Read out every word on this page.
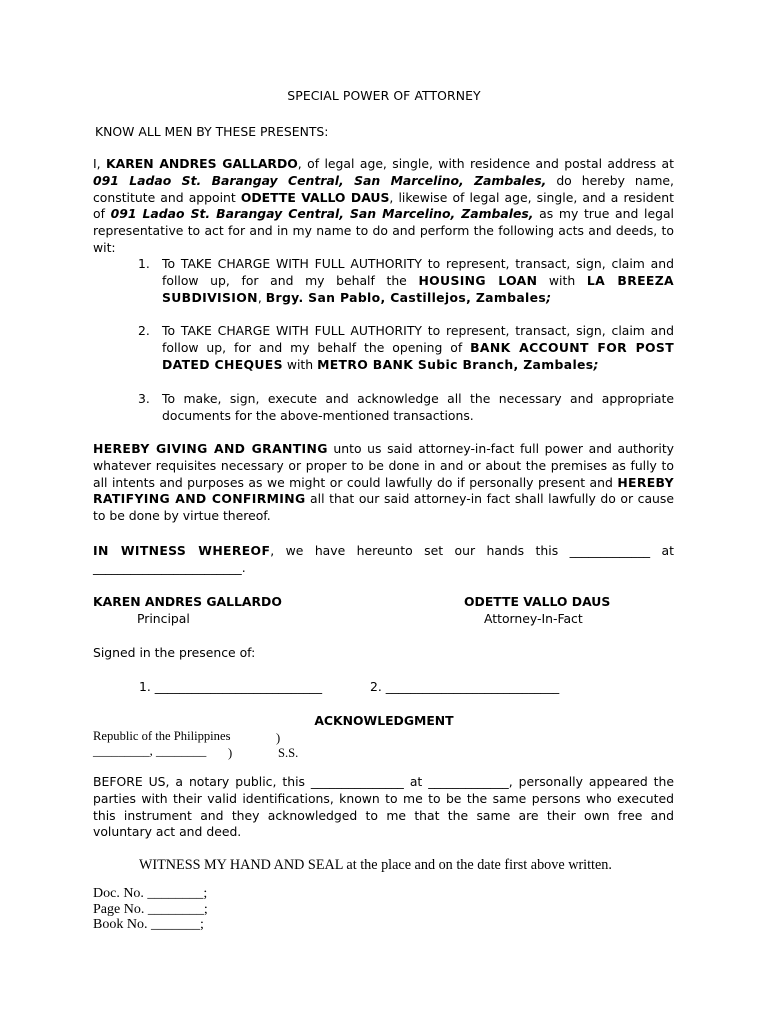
SPECIAL POWER OF ATTORNEY
KNOW ALL MEN BY THESE PRESENTS:
I, KAREN ANDRES GALLARDO, of legal age, single, with residence and postal address at 091 Ladao St. Barangay Central, San Marcelino, Zambales, do hereby name, constitute and appoint ODETTE VALLO DAUS, likewise of legal age, single, and a resident of 091 Ladao St. Barangay Central, San Marcelino, Zambales, as my true and legal representative to act for and in my name to do and perform the following acts and deeds, to wit:
1. To TAKE CHARGE WITH FULL AUTHORITY to represent, transact, sign, claim and follow up, for and my behalf the HOUSING LOAN with LA BREEZA SUBDIVISION, Brgy. San Pablo, Castillejos, Zambales;
2. To TAKE CHARGE WITH FULL AUTHORITY to represent, transact, sign, claim and follow up, for and my behalf the opening of BANK ACCOUNT FOR POST DATED CHEQUES with METRO BANK Subic Branch, Zambales;
3. To make, sign, execute and acknowledge all the necessary and appropriate documents for the above-mentioned transactions.
HEREBY GIVING AND GRANTING unto us said attorney-in-fact full power and authority whatever requisites necessary or proper to be done in and or about the premises as fully to all intents and purposes as we might or could lawfully do if personally present and HEREBY RATIFYING AND CONFIRMING all that our said attorney-in fact shall lawfully do or cause to be done by virtue thereof.
IN WITNESS WHEREOF, we have hereunto set our hands this _____________ at ________________________.
KAREN ANDRES GALLARDO
Principal
ODETTE VALLO DAUS
Attorney-In-Fact
Signed in the presence of:
1. ___________________________	2. ____________________________
ACKNOWLEDGMENT
Republic of the Philippines	)
_________, ________ )	S.S.
BEFORE US, a notary public, this _______________ at _____________, personally appeared the parties with their valid identifications, known to me to be the same persons who executed this instrument and they acknowledged to me that the same are their own free and voluntary act and deed.
WITNESS MY HAND AND SEAL at the place and on the date first above written.
Doc. No. ________;
Page No. ________;
Book No. _______;
